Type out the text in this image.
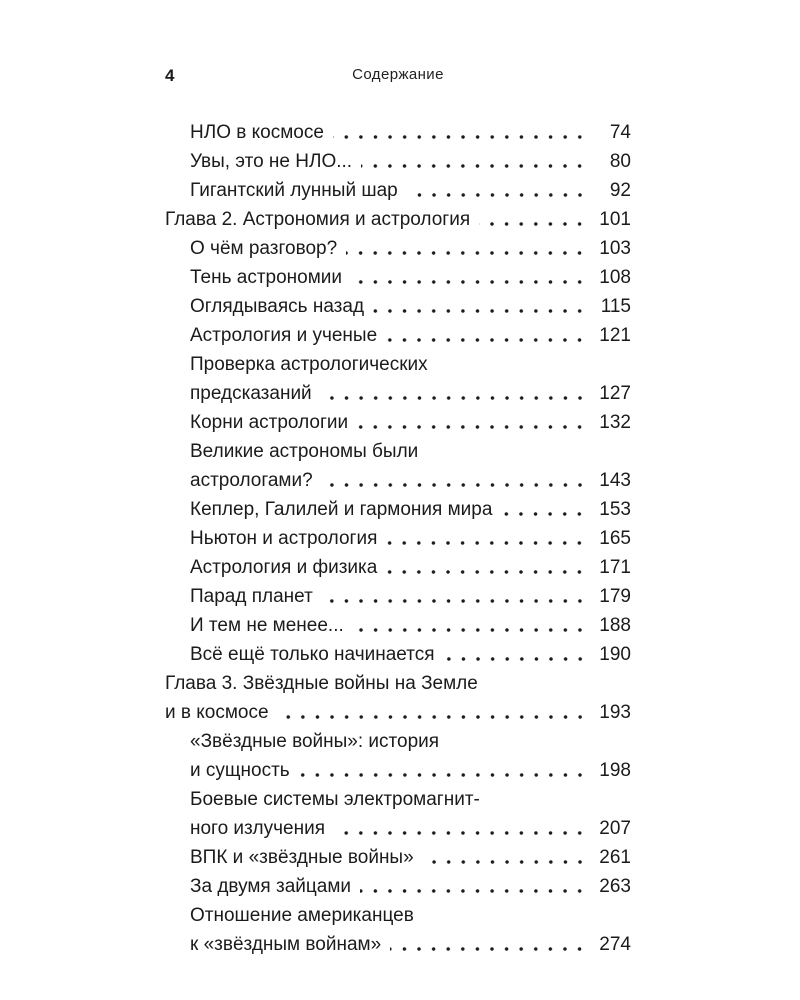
4	Содержание
НЛО в космосе	74
Увы, это не НЛО...	80
Гигантский лунный шар	92
Глава 2. Астрономия и астрология	101
О чём разговор?	103
Тень астрономии	108
Оглядываясь назад	115
Астрология и ученые	121
Проверка астрологических
предсказаний	127
Корни астрологии	132
Великие астрономы были
астрологами?	143
Кеплер, Галилей и гармония мира	153
Ньютон и астрология	165
Астрология и физика	171
Парад планет	179
И тем не менее...	188
Всё ещё только начинается	190
Глава 3. Звёздные войны на Земле
и в космосе	193
«Звёздные войны»: история
и сущность	198
Боевые системы электромагнит-
ного излучения	207
ВПК и «звёздные войны»	261
За двумя зайцами	263
Отношение американцев
к «звёздным войнам»	274
